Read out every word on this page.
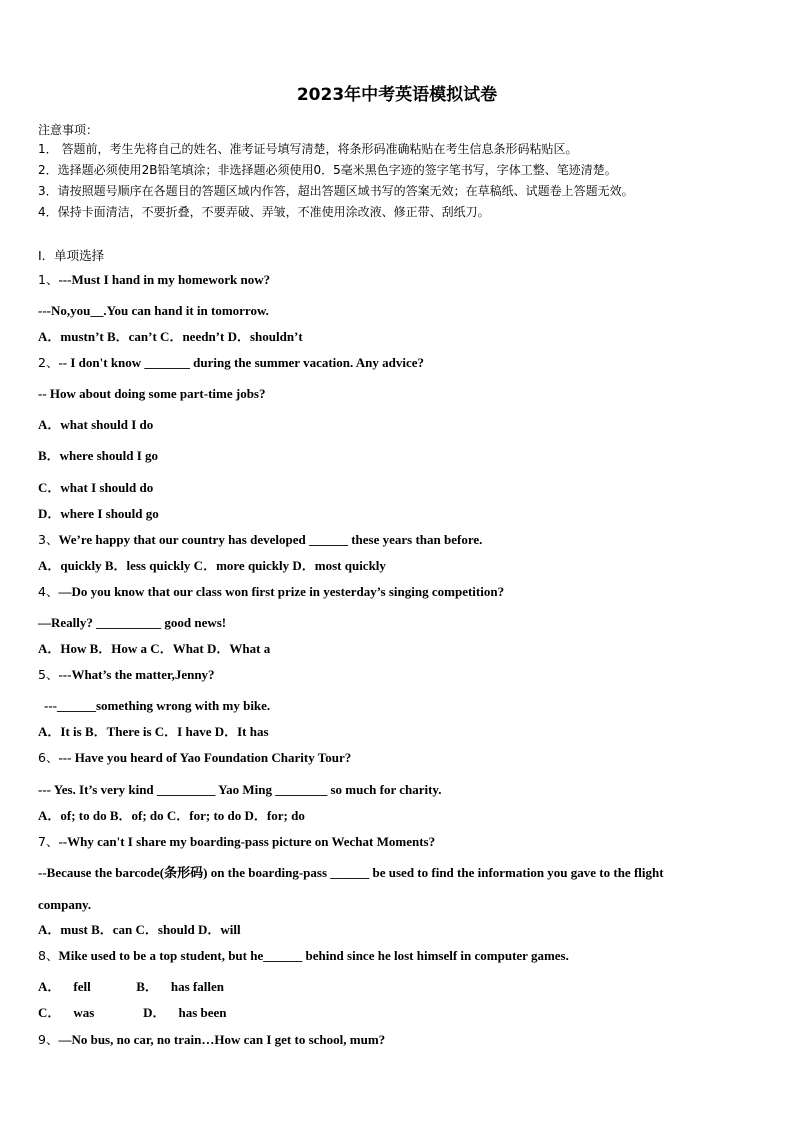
2023年中考英语模拟试卷
注意事项：
1． 答题前，考生先将自己的姓名、准考证号填写清楚，将条形码准确粘贴在考生信息条形码粘贴区。
2．选择题必须使用2B铅笔填涂；非选择题必须使用0．5毫米黑色字迹的签字笔书写，字体工整、笔迹清楚。
3．请按照题号顺序在各题目的答题区域内作答，超出答题区域书写的答案无效；在草稿纸、试题卷上答题无效。
4．保持卡面清洁，不要折叠，不要弄破、弄皱，不准使用涂改液、修正带、刮纸刀。
Ⅰ．单项选择
1、---Must I hand in my homework now?
---No,you__.You can hand it in tomorrow.
A．mustn’t B．can’t C．needn’t D．shouldn’t
2、-- I don't know _______ during the summer vacation. Any advice?
-- How about doing some part-time jobs?
A．what should I do
B．where should I go
C．what I should do
D．where I should go
3、We’re happy that our country has developed ______ these years than before.
A．quickly B．less quickly C．more quickly D．most quickly
4、—Do you know that our class won first prize in yesterday’s singing competition?
—Really? __________ good news!
A．How B．How a C．What D．What a
5、---What’s the matter,Jenny?
---______something wrong with my bike.
A．It is B．There is C．I have D．It has
6、--- Have you heard of Yao Foundation Charity Tour?
--- Yes. It’s very kind _________ Yao Ming ________ so much for charity.
A．of; to do B．of; do C．for; to do D．for; do
7、--Why can't I share my boarding-pass picture on Wechat Moments?
--Because the barcode(条形码) on the boarding-pass ______ be used to find the information you gave to the flight
company.
A．must B．can C．should D．will
8、Mike used to be a top student, but he______ behind since he lost himself in computer games.
A．    fell              B．    has fallen
C．    was               D．    has been
9、—No bus, no car, no train…How can I get to school, mum?
